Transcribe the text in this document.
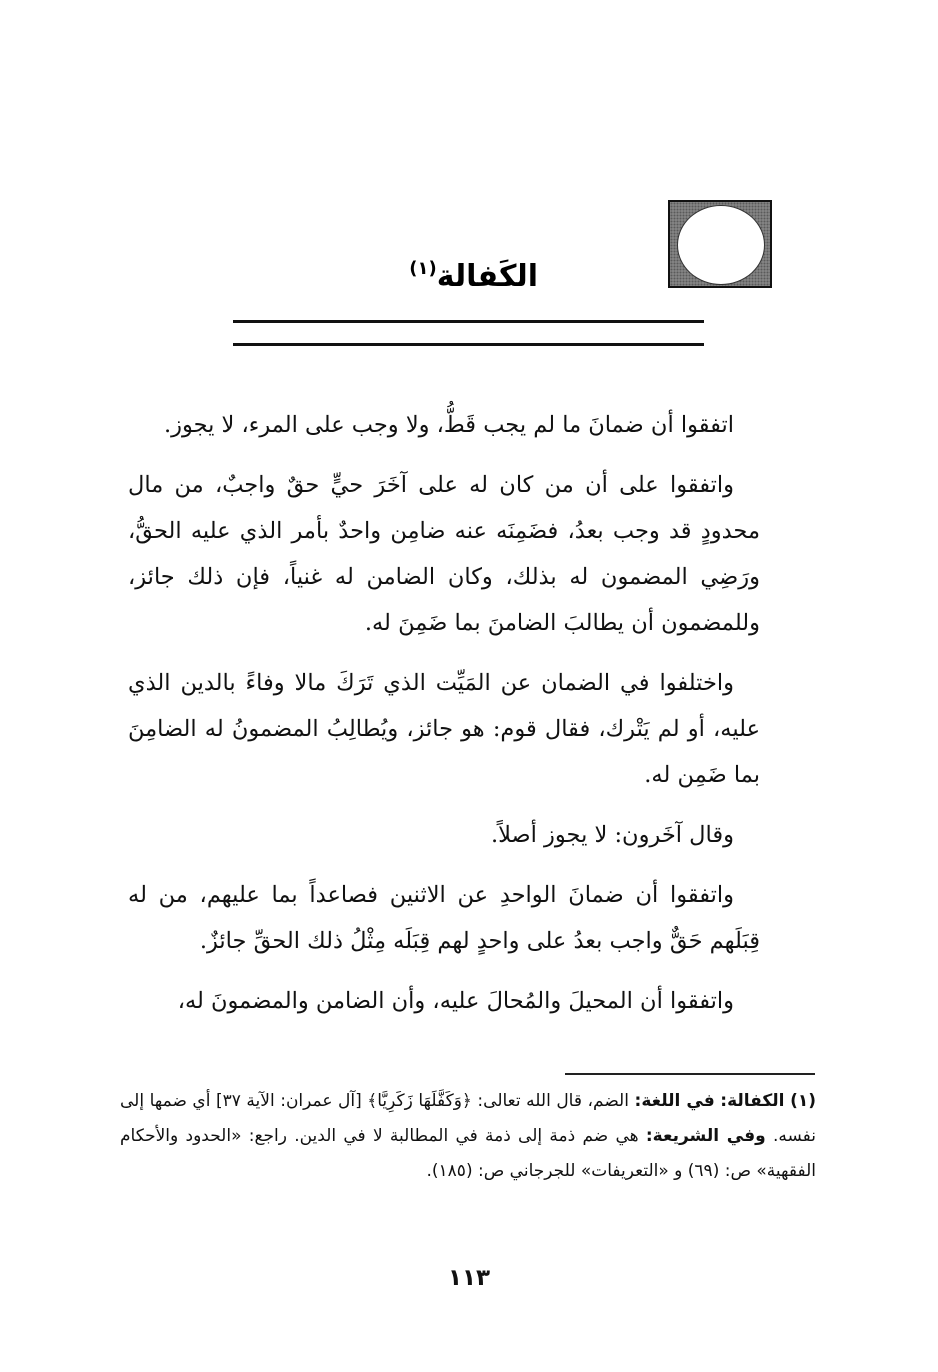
الكَفالة$^{(١)}$

اتفقوا أن ضمانَ ما لم يجب قَطُّ، ولا وجب على المرء، لا يجوز.

واتفقوا على أن من كان له على آخَرَ حيٍّ حقٌ واجبٌ، من مال محدودٍ قد وجب بعدُ، فضَمِنَه عنه ضامِن واحدٌ بأمر الذي عليه الحقُّ، ورَضِي المضمون له بذلك، وكان الضامن له غنياً، فإن ذلك جائز، وللمضمون أن يطالبَ الضامنَ بما ضَمِنَ له.

واختلفوا في الضمان عن المَيِّت الذي تَرَكَ مالا وفاءً بالدين الذي عليه، أو لم يَتْرك، فقال قوم: هو جائز، ويُطالِبُ المضمونُ له الضامِنَ بما ضَمِن له.

وقال آخَرون: لا يجوز أصلاً.

واتفقوا أن ضمانَ الواحدِ عن الاثنين فصاعداً بما عليهم، من له قِبَلَهم حَقٌّ واجب بعدُ على واحدٍ لهم قِبَلَه مِثْلُ ذلك الحقِّ جائزٌ.

واتفقوا أن المحيلَ والمُحالَ عليه، وأن الضامن والمضمونَ له،

(١) الكفالة: في اللغة: الضم، قال الله تعالى: ﴿وَكَفَّلَهَا زَكَرِيَّا﴾ [آل عمران: الآية ٣٧] أي ضمها إلى نفسه. وفي الشريعة: هي ضم ذمة إلى ذمة في المطالبة لا في الدين. راجع: «الحدود والأحكام الفقهية» ص: (٦٩) و «التعريفات» للجرجاني ص: (١٨٥).

١١٣
